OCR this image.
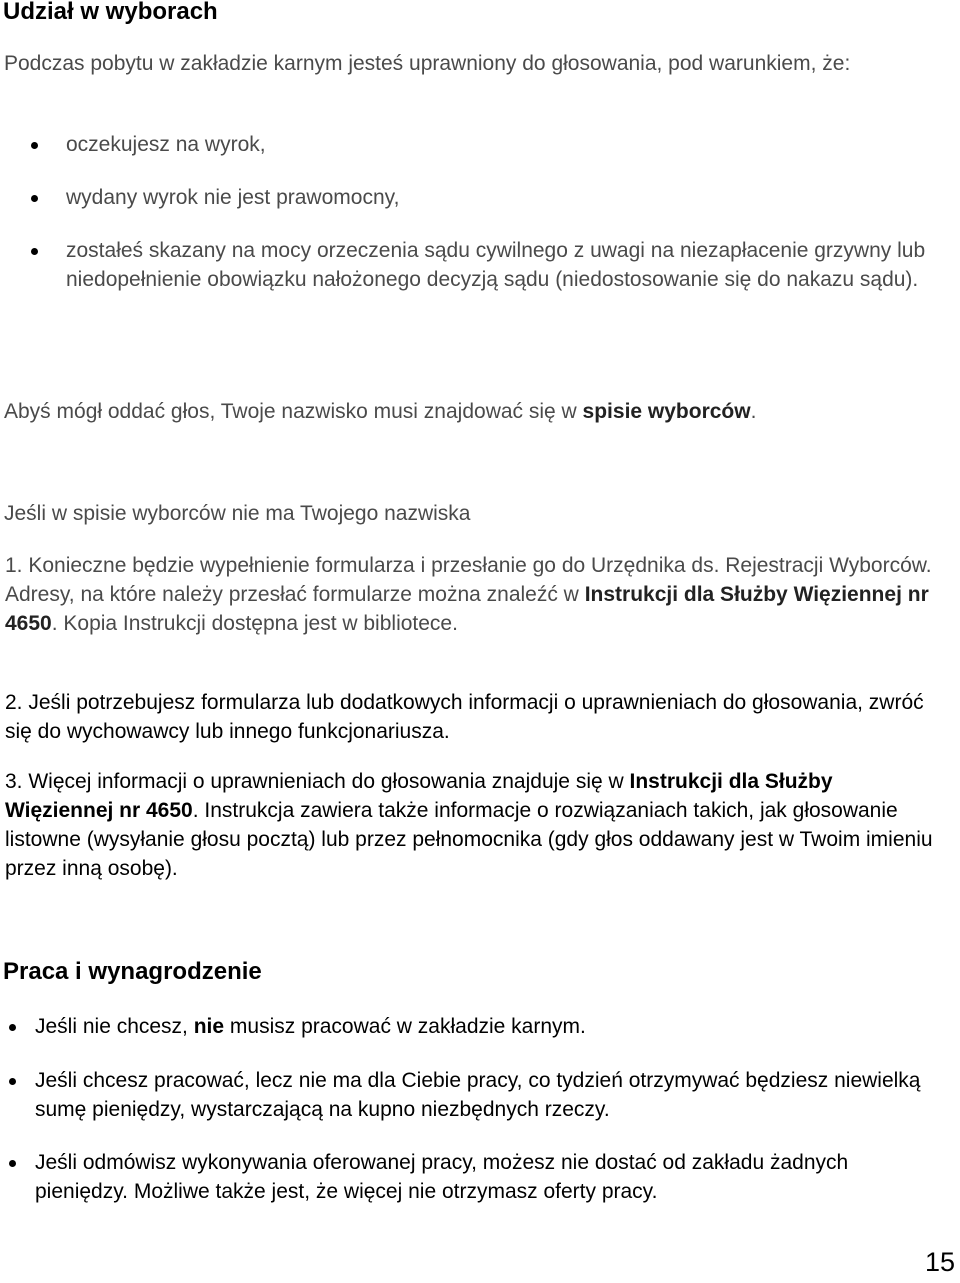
Udział w wyborach

Podczas pobytu w zakładzie karnym jesteś uprawniony do głosowania, pod warunkiem, że:

oczekujesz na wyrok,

wydany wyrok nie jest prawomocny,

zostałeś skazany na mocy orzeczenia sądu cywilnego z uwagi na niezapłacenie grzywny lub niedopełnienie obowiązku nałożonego decyzją sądu (niedostosowanie się do nakazu sądu).

Abyś mógł oddać głos, Twoje nazwisko musi znajdować się w spisie wyborców.

Jeśli w spisie wyborców nie ma Twojego nazwiska

1. Konieczne będzie wypełnienie formularza i przesłanie go do Urzędnika ds. Rejestracji Wyborców. Adresy, na które należy przesłać formularze można znaleźć w Instrukcji dla Służby Więziennej nr 4650. Kopia Instrukcji dostępna jest w bibliotece.

2. Jeśli potrzebujesz formularza lub dodatkowych informacji o uprawnieniach do głosowania, zwróć się do wychowawcy lub innego funkcjonariusza.

3. Więcej informacji o uprawnieniach do głosowania znajduje się w Instrukcji dla Służby Więziennej nr 4650. Instrukcja zawiera także informacje o rozwiązaniach takich, jak głosowanie listowne (wysyłanie głosu pocztą) lub przez pełnomocnika (gdy głos oddawany jest w Twoim imieniu przez inną osobę).

Praca i wynagrodzenie

Jeśli nie chcesz, nie musisz pracować w zakładzie karnym.

Jeśli chcesz pracować, lecz nie ma dla Ciebie pracy, co tydzień otrzymywać będziesz niewielką sumę pieniędzy, wystarczającą na kupno niezbędnych rzeczy.

Jeśli odmówisz wykonywania oferowanej pracy, możesz nie dostać od zakładu żadnych pieniędzy. Możliwe także jest, że więcej nie otrzymasz oferty pracy.

15
